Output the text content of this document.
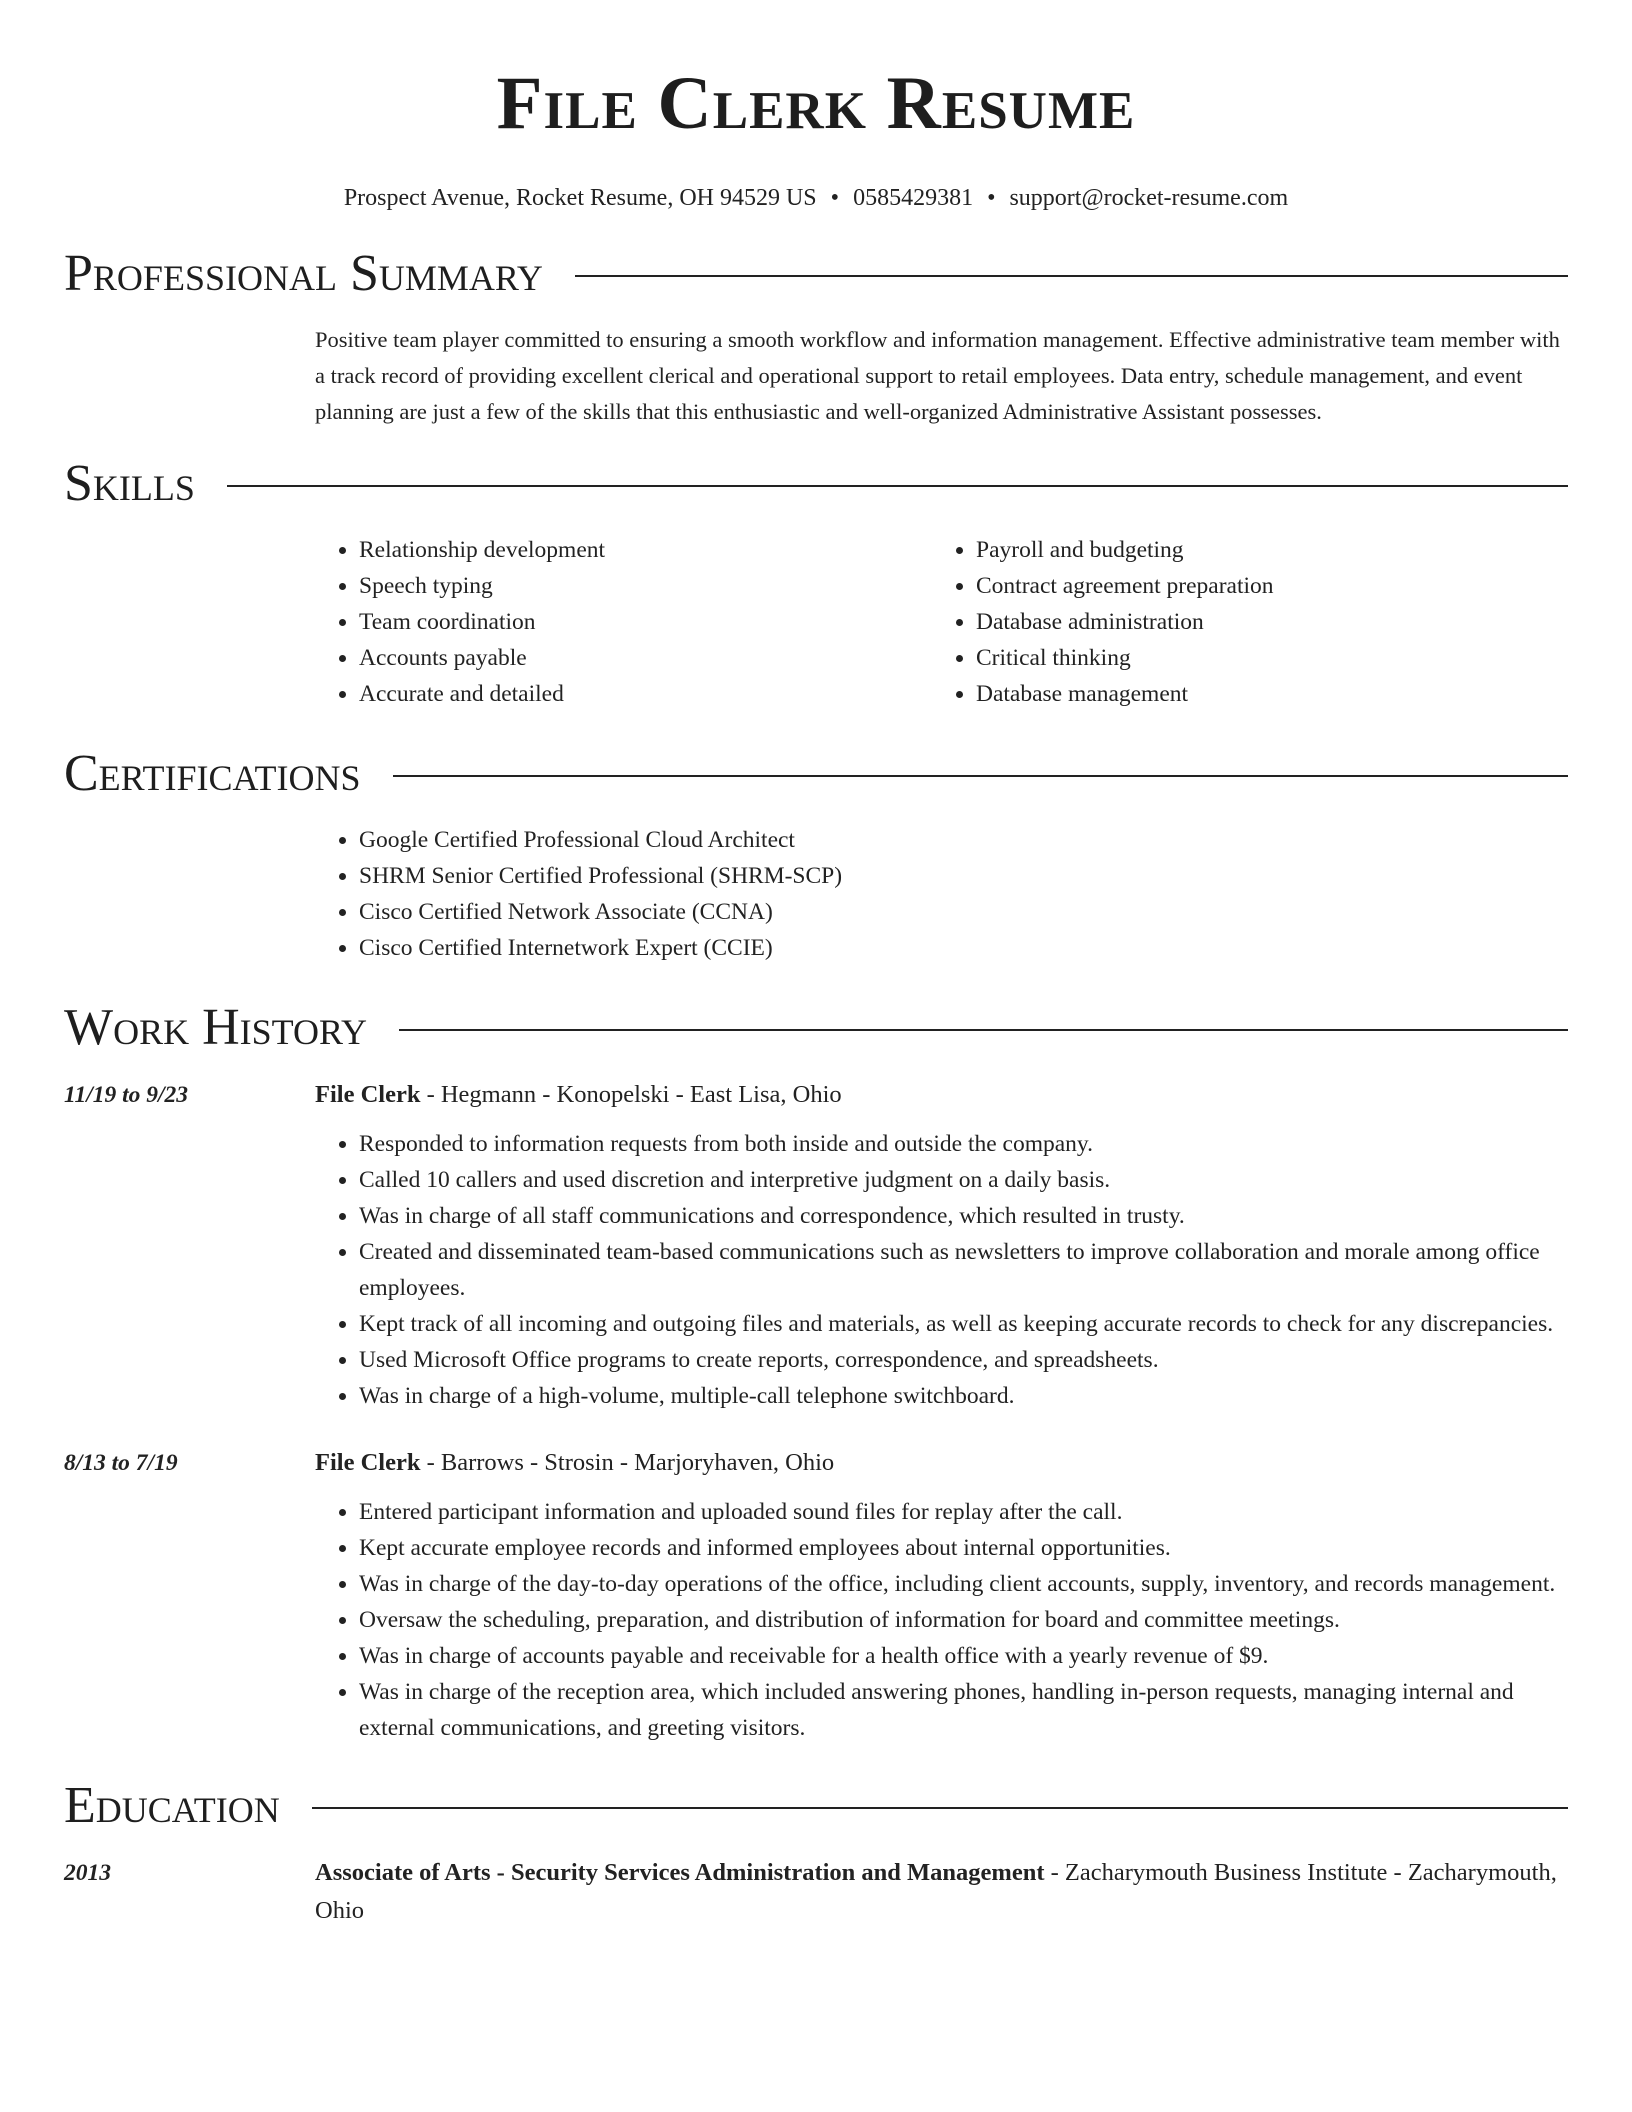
File Clerk Resume
Prospect Avenue, Rocket Resume, OH 94529 US • 0585429381 • support@rocket-resume.com
Professional Summary
Positive team player committed to ensuring a smooth workflow and information management. Effective administrative team member with a track record of providing excellent clerical and operational support to retail employees. Data entry, schedule management, and event planning are just a few of the skills that this enthusiastic and well-organized Administrative Assistant possesses.
Skills
• Relationship development
• Speech typing
• Team coordination
• Accounts payable
• Accurate and detailed
• Payroll and budgeting
• Contract agreement preparation
• Database administration
• Critical thinking
• Database management
Certifications
• Google Certified Professional Cloud Architect
• SHRM Senior Certified Professional (SHRM-SCP)
• Cisco Certified Network Associate (CCNA)
• Cisco Certified Internetwork Expert (CCIE)
Work History
11/19 to 9/23	File Clerk - Hegmann - Konopelski - East Lisa, Ohio
• Responded to information requests from both inside and outside the company.
• Called 10 callers and used discretion and interpretive judgment on a daily basis.
• Was in charge of all staff communications and correspondence, which resulted in trusty.
• Created and disseminated team-based communications such as newsletters to improve collaboration and morale among office employees.
• Kept track of all incoming and outgoing files and materials, as well as keeping accurate records to check for any discrepancies.
• Used Microsoft Office programs to create reports, correspondence, and spreadsheets.
• Was in charge of a high-volume, multiple-call telephone switchboard.
8/13 to 7/19	File Clerk - Barrows - Strosin - Marjoryhaven, Ohio
• Entered participant information and uploaded sound files for replay after the call.
• Kept accurate employee records and informed employees about internal opportunities.
• Was in charge of the day-to-day operations of the office, including client accounts, supply, inventory, and records management.
• Oversaw the scheduling, preparation, and distribution of information for board and committee meetings.
• Was in charge of accounts payable and receivable for a health office with a yearly revenue of $9.
• Was in charge of the reception area, which included answering phones, handling in-person requests, managing internal and external communications, and greeting visitors.
Education
2013	Associate of Arts - Security Services Administration and Management - Zacharymouth Business Institute - Zacharymouth, Ohio
